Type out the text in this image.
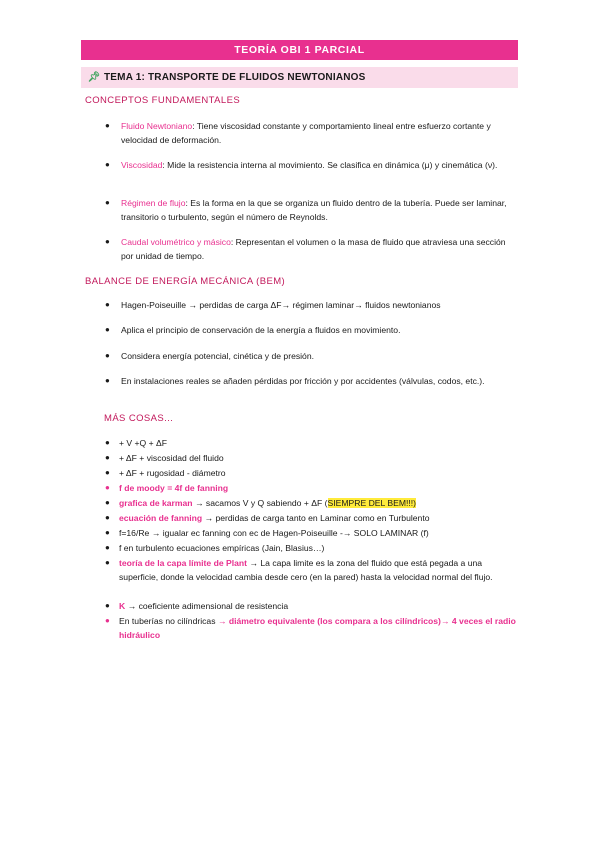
TEORÍA OBI 1 PARCIAL
📌︎ TEMA 1: TRANSPORTE DE FLUIDOS NEWTONIANOS
CONCEPTOS FUNDAMENTALES
● Fluido Newtoniano: Tiene viscosidad constante y comportamiento lineal entre esfuerzo cortante y velocidad de deformación.
● Viscosidad: Mide la resistencia interna al movimiento. Se clasifica en dinámica (μ) y cinemática (ν).
● Régimen de flujo: Es la forma en la que se organiza un fluido dentro de la tubería. Puede ser laminar, transitorio o turbulento, según el número de Reynolds.
● Caudal volumétrico y másico: Representan el volumen o la masa de fluido que atraviesa una sección por unidad de tiempo.
BALANCE DE ENERGÍA MECÁNICA (BEM)
● Hagen-Poiseuille → perdidas de carga ΔF→ régimen laminar→ fluidos newtonianos
● Aplica el principio de conservación de la energía a fluidos en movimiento.
● Considera energía potencial, cinética y de presión.
● En instalaciones reales se añaden pérdidas por fricción y por accidentes (válvulas, codos, etc.).
MÁS COSAS...
● + V +Q + ΔF
● + ΔF + viscosidad del fluido
● + ΔF + rugosidad - diámetro
● f de moody = 4f de fanning
● grafica de karman → sacamos V y Q sabiendo + ΔF (SIEMPRE DEL BEM!!!)
● ecuación de fanning → perdidas de carga tanto en Laminar como en Turbulento
● f=16/Re → igualar ec fanning con ec de Hagen-Poiseuille -→ SOLO LAMINAR (f)
● f en turbulento ecuaciones empíricas (Jain, Blasius…)
● teoría de la capa límite de Plant → La capa limite es la zona del fluido que está pegada a una superficie, donde la velocidad cambia desde cero (en la pared) hasta la velocidad normal del flujo.
● K → coeficiente adimensional de resistencia
● En tuberías no cilíndricas → diámetro equivalente (los compara a los cilíndricos)→ 4 veces el radio hidráulico
